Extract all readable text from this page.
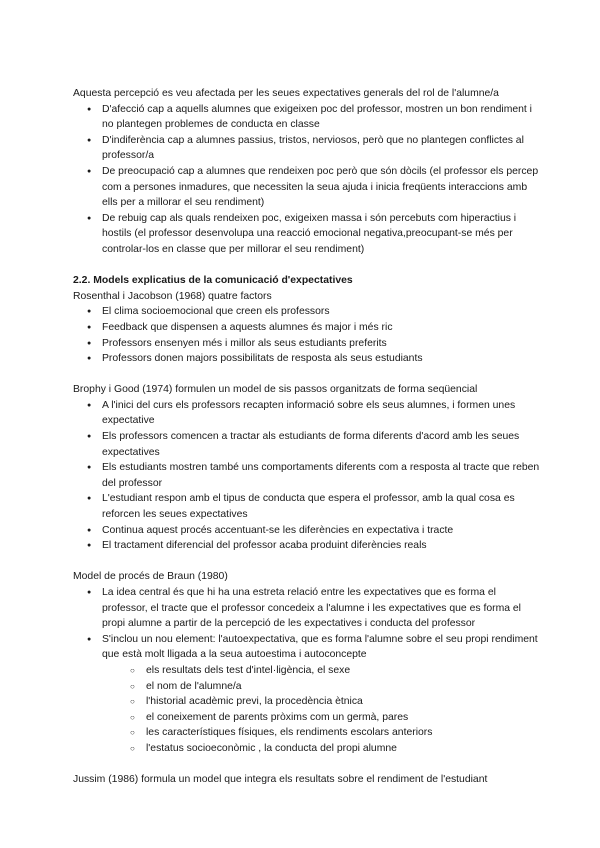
Aquesta percepció es veu afectada per les seues expectatives generals del rol de l'alumne/a

● D'afecció cap a aquells alumnes que exigeixen poc del professor, mostren un bon rendiment i no plantegen problemes de conducta en classe
● D'indiferència cap a alumnes passius, tristos, nerviosos, però que no plantegen conflictes al professor/a
● De preocupació cap a alumnes que rendeixen poc però que són dòcils (el professor els percep com a persones inmadures, que necessiten la seua ajuda i inicia freqüents interaccions amb ells per a millorar el seu rendiment)
● De rebuig cap als quals rendeixen poc, exigeixen massa i són percebuts com hiperactius i hostils (el professor desenvolupa una reacció emocional negativa,preocupant-se més per controlar-los en classe que per millorar el seu rendiment)
2.2. Models explicatius de la comunicació d'expectatives

Rosenthal i Jacobson (1968) quatre factors

● El clima socioemocional que creen els professors
● Feedback que dispensen a aquests alumnes és major i més ric
● Professors ensenyen més i millor als seus estudiants preferits
● Professors donen majors possibilitats de resposta als seus estudiants

Brophy i Good (1974) formulen un model de sis passos organitzats de forma seqüencial

● A l'inici del curs els professors recapten informació sobre els seus alumnes, i formen unes expectative
● Els professors comencen a tractar als estudiants de forma diferents d'acord amb les seues expectatives
● Els estudiants mostren també uns comportaments diferents com a resposta al tracte que reben del professor
● L'estudiant respon amb el tipus de conducta que espera el professor, amb la qual cosa es reforcen les seues expectatives
● Continua aquest procés accentuant-se les diferències en expectativa i tracte
● El tractament diferencial del professor acaba produint diferències reals

Model de procés de Braun (1980)

● La idea central és que hi ha una estreta relació entre les expectatives que es forma el professor, el tracte que el professor concedeix a l'alumne i les expectatives que es forma el propi alumne a partir de la percepció de les expectatives i conducta del professor
● S'inclou un nou element: l'autoexpectativa, que es forma l'alumne sobre el seu propi rendiment que està molt lligada a la seua autoestima i autoconcepte
○ els resultats dels test d'intel·ligència, el sexe
○ el nom de l'alumne/a
○ l'historial acadèmic previ, la procedència ètnica
○ el coneixement de parents pròxims com un germà, pares
○ les característiques físiques, els rendiments escolars anteriors
○ l'estatus socioeconòmic , la conducta del propi alumne

Jussim (1986) formula un model que integra els resultats sobre el rendiment de l'estudiant
